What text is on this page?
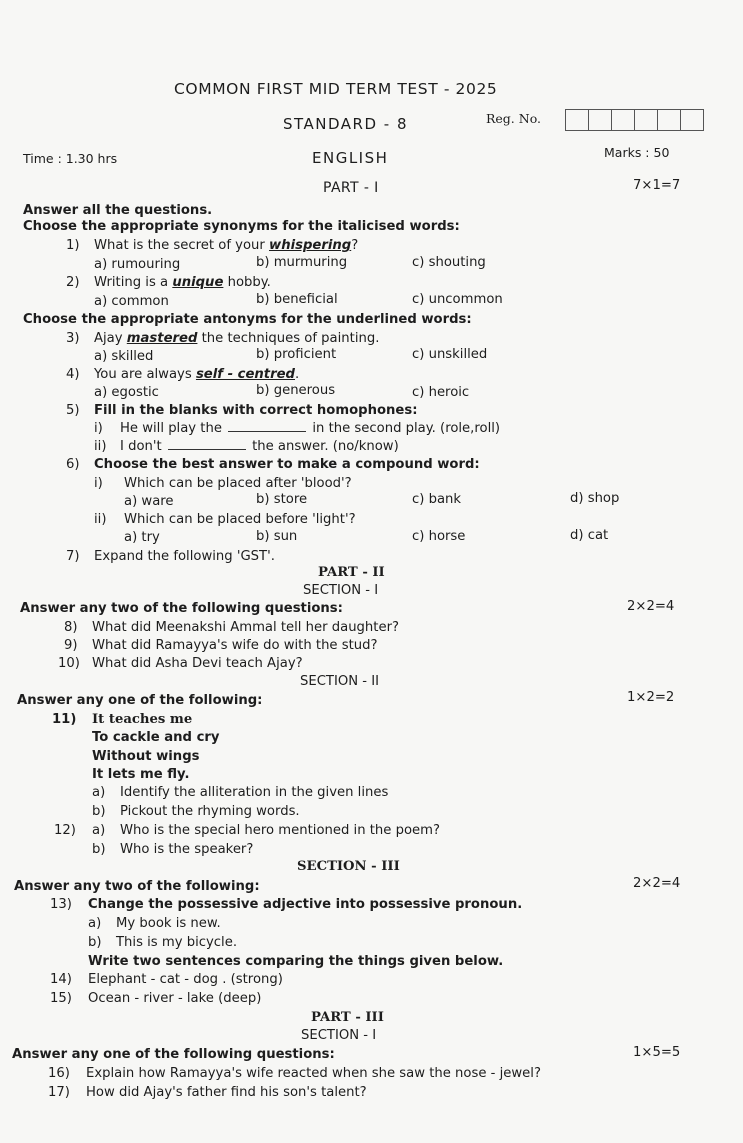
COMMON FIRST MID TERM TEST - 2025
STANDARD - 8	Reg. No.
Time : 1.30 hrs	ENGLISH	Marks : 50
PART - I	7×1=7
Answer all the questions.
Choose the appropriate synonyms for the italicised words:
1) What is the secret of your whispering?
a) rumouring	b) murmuring	c) shouting
2) Writing is a unique hobby.
a) common	b) beneficial	c) uncommon
Choose the appropriate antonyms for the underlined words:
3) Ajay mastered the techniques of painting.
a) skilled	b) proficient	c) unskilled
4) You are always self - centred.
a) egostic	b) generous	c) heroic
5) Fill in the blanks with correct homophones:
i) He will play the	in the second play. (role,roll)
ii) I don't	the answer. (no/know)
6) Choose the best answer to make a compound word:
i) Which can be placed after 'blood'?
a) ware	b) store	c) bank	d) shop
ii) Which can be placed before 'light'?
a) try	b) sun	c) horse	d) cat
7) Expand the following 'GST'.
PART - II
SECTION - I
Answer any two of the following questions:	2×2=4
8) What did Meenakshi Ammal tell her daughter?
9) What did Ramayya's wife do with the stud?
10) What did Asha Devi teach Ajay?
SECTION - II
Answer any one of the following:	1×2=2
11) It teaches me
To cackle and cry
Without wings
It lets me fly.
a) Identify the alliteration in the given lines
b) Pickout the rhyming words.
12) a) Who is the special hero mentioned in the poem?
b) Who is the speaker?
SECTION - III
Answer any two of the following:	2×2=4
13) Change the possessive adjective into possessive pronoun.
a) My book is new.
b) This is my bicycle.
Write two sentences comparing the things given below.
14) Elephant - cat - dog . (strong)
15) Ocean - river - lake (deep)
PART - III
SECTION - I
Answer any one of the following questions:	1×5=5
16) Explain how Ramayya's wife reacted when she saw the nose - jewel?
17) How did Ajay's father find his son's talent?
